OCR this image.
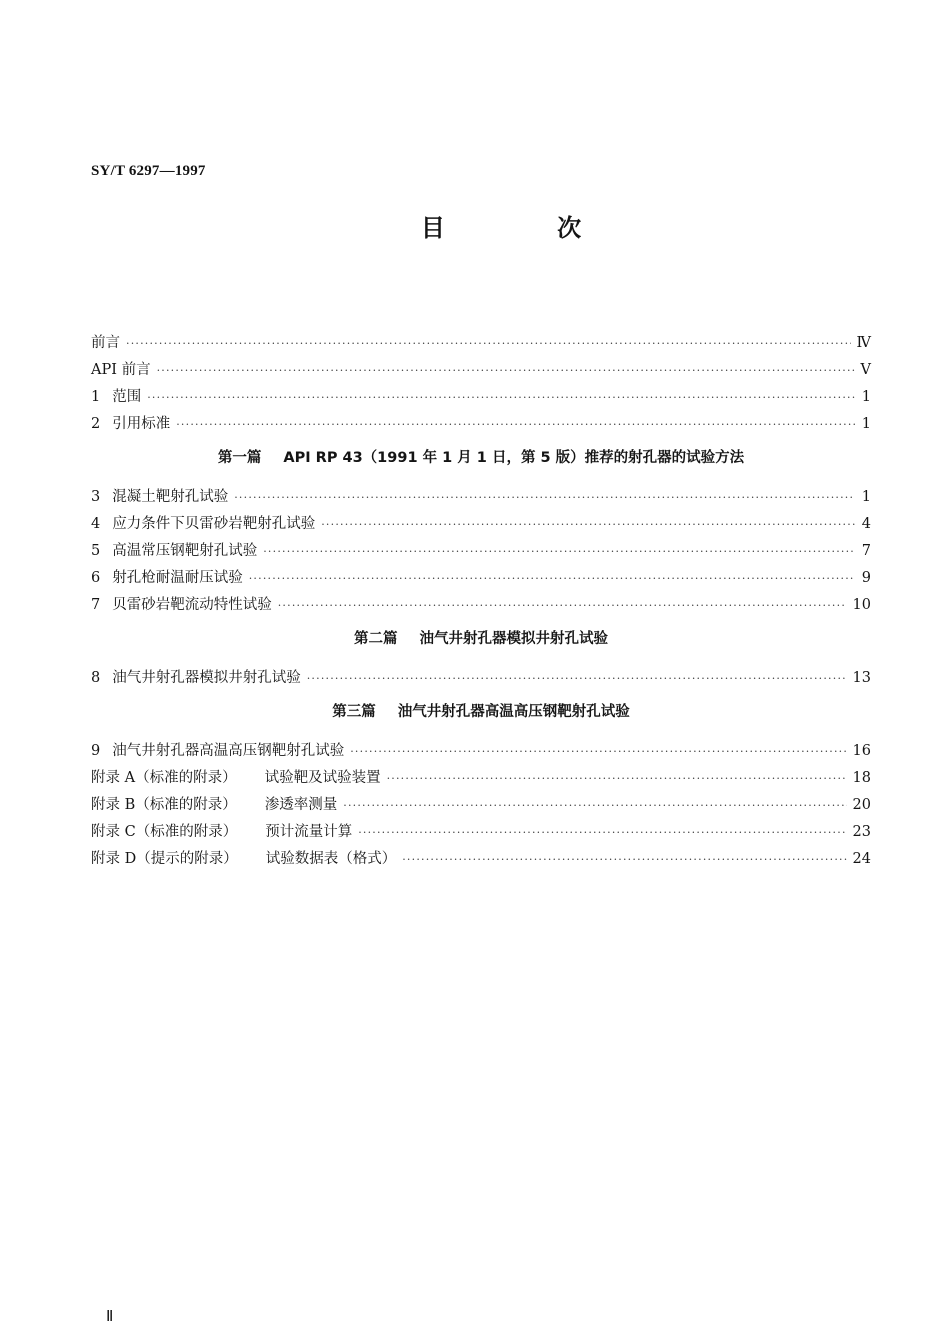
SY/T 6297—1997
目 次
前言 ·····	Ⅳ
API 前言 ·····	V
1 范围 ·····	1
2 引用标准 ·····	1
第一篇 API RP 43（1991 年 1 月 1 日，第 5 版）推荐的射孔器的试验方法
3 混凝土靶射孔试验 ·····	1
4 应力条件下贝雷砂岩靶射孔试验 ·····	4
5 高温常压钢靶射孔试验 ·····	7
6 射孔枪耐温耐压试验 ·····	9
7 贝雷砂岩靶流动特性试验 ·····	10
第二篇 油气井射孔器模拟井射孔试验
8 油气井射孔器模拟井射孔试验 ·····	13
第三篇 油气井射孔器高温高压钢靶射孔试验
9 油气井射孔器高温高压钢靶射孔试验 ·····	16
附录 A（标准的附录） 试验靶及试验装置 ·····	18
附录 B（标准的附录） 渗透率测量 ·····	20
附录 C（标准的附录） 预计流量计算 ·····	23
附录 D（提示的附录） 试验数据表（格式） ·····	24
Ⅱ
